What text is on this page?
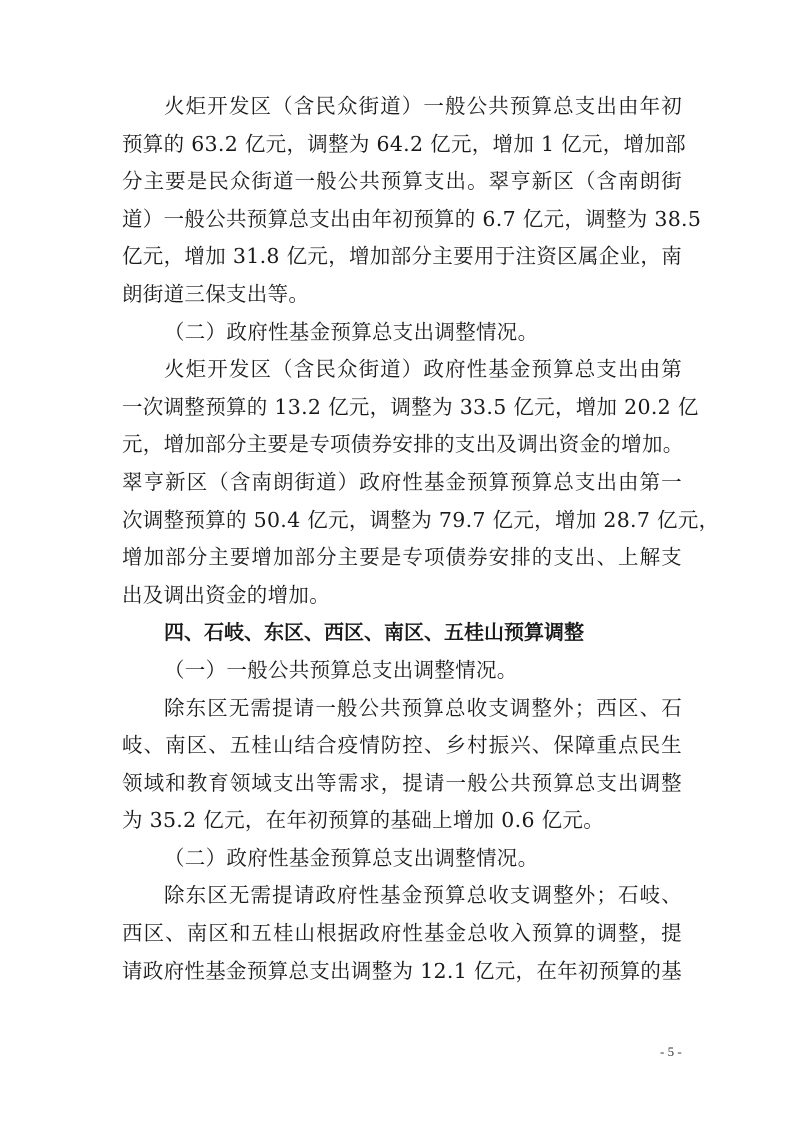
火炬开发区（含民众街道）一般公共预算总支出由年初
预算的 63.2 亿元，调整为 64.2 亿元，增加 1 亿元，增加部
分主要是民众街道一般公共预算支出。翠亨新区（含南朗街
道）一般公共预算总支出由年初预算的 6.7 亿元，调整为 38.5
亿元，增加 31.8 亿元，增加部分主要用于注资区属企业，南
朗街道三保支出等。
（二）政府性基金预算总支出调整情况。
火炬开发区（含民众街道）政府性基金预算总支出由第
一次调整预算的 13.2 亿元，调整为 33.5 亿元，增加 20.2 亿
元，增加部分主要是专项债券安排的支出及调出资金的增加。
翠亨新区（含南朗街道）政府性基金预算预算总支出由第一
次调整预算的 50.4 亿元，调整为 79.7 亿元，增加 28.7 亿元，
增加部分主要增加部分主要是专项债券安排的支出、上解支
出及调出资金的增加。
四、石岐、东区、西区、南区、五桂山预算调整
（一）一般公共预算总支出调整情况。
除东区无需提请一般公共预算总收支调整外；西区、石
岐、南区、五桂山结合疫情防控、乡村振兴、保障重点民生
领域和教育领域支出等需求，提请一般公共预算总支出调整
为 35.2 亿元，在年初预算的基础上增加 0.6 亿元。
（二）政府性基金预算总支出调整情况。
除东区无需提请政府性基金预算总收支调整外；石岐、
西区、南区和五桂山根据政府性基金总收入预算的调整，提
请政府性基金预算总支出调整为 12.1 亿元，在年初预算的基
- 5 -
